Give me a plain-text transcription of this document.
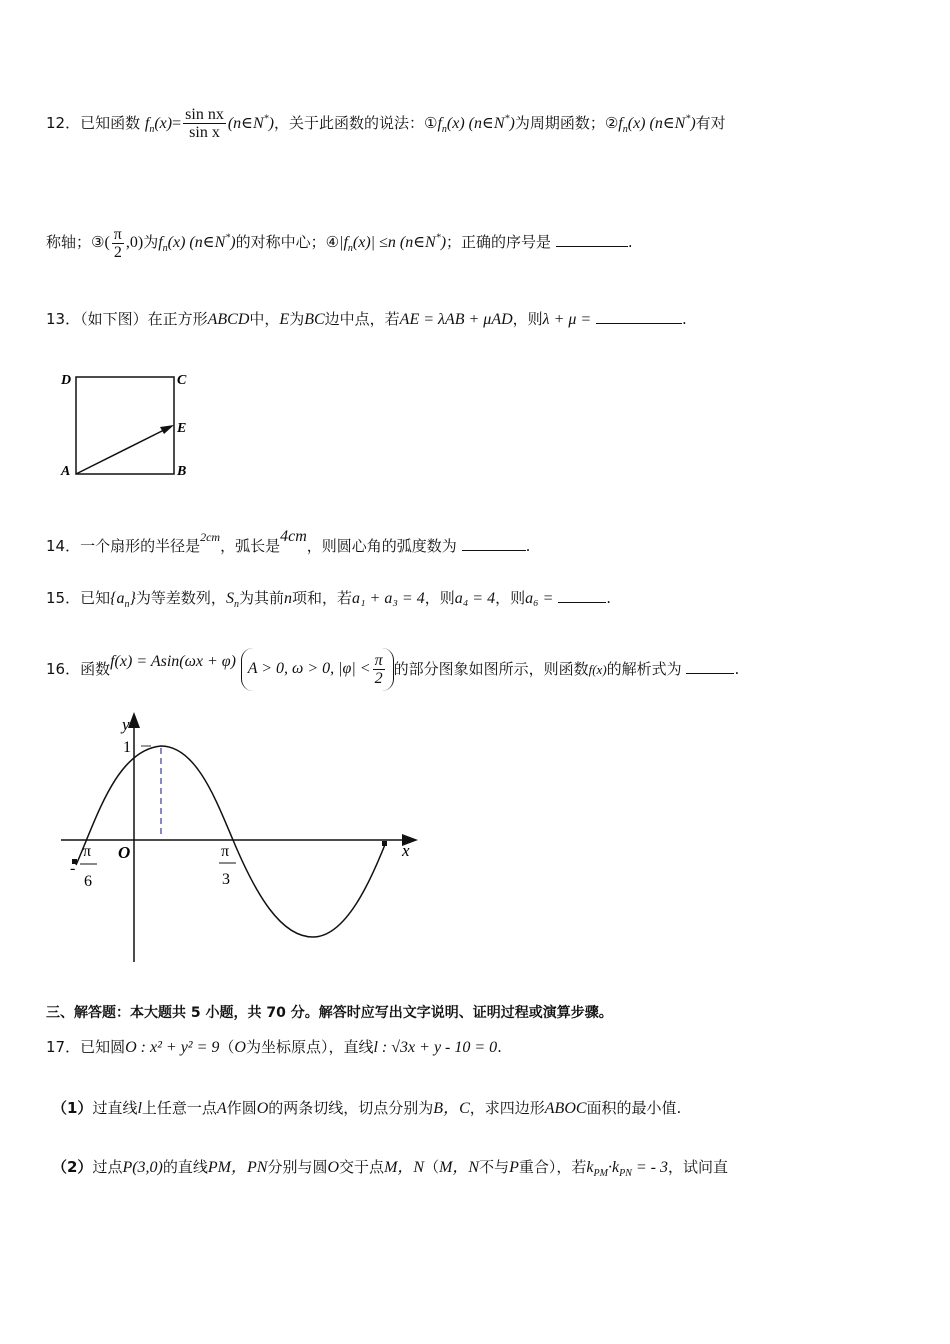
12．已知函数 $f_n(x)= \frac{\text{sin nx}}{\text{sin x}}$ (n∈N*)，关于此函数的说法：$①f_n(x)$ (n∈N*)为周期函数；$②f_n(x)$ (n∈N*)有对
称轴；③( $\frac{\pi}{2} ,0$)为$f_n(x)$ (n∈N*)的对称中心；$④|f_n(x)| \le n$ (n∈N*)；正确的序号是	.
13．（如下图）在正方形ABCD中，E为BC边中点，若AE = λAB + μAD，则λ + μ =	.
D	C
E
A	B
14．一个扇形的半径是$^{2cm}$，弧长是4cm，则圆心角的弧度数为	.
15．已知$\{a_n\}$为等差数列，$S_n$为其前n项和，若a₁ + a₃ = 4，则a₄ = 4，则a₆ =	.
16．函数f(x) = Asin(ωx + φ) A > 0, ω > 0, $|\varphi| < \frac{\pi}{2}$ 的部分图象如图所示，则函数f(x)的解析式为	.
y
1
O	x
-
π
6
π
3
三、解答题：本大题共 5 小题，共 70 分。解答时应写出文字说明、证明过程或演算步骤。
17．已知圆O : x² + y² = 9（O为坐标原点），直线l : √3x + y - 10 = 0.
（1）过直线l上任意一点A作圆O的两条切线，切点分别为B，C，求四边形ABOC面积的最小值.
（2）过点P(3,0)的直线PM，PN分别与圆O交于点M，N（M，N不与P重合），若$k_{PM}\cdot k_{PN}$ = - 3，试问直
